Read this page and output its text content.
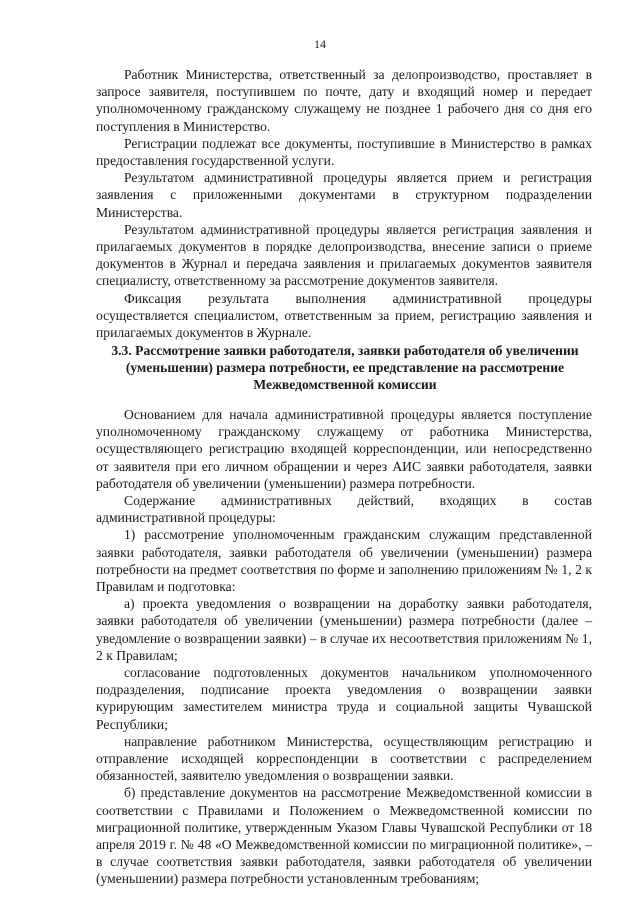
14

Работник Министерства, ответственный за делопроизводство, проставляет в запросе заявителя, поступившем по почте, дату и входящий номер и передает уполномоченному гражданскому служащему не позднее 1 рабочего дня со дня его поступления в Министерство.

Регистрации подлежат все документы, поступившие в Министерство в рамках предоставления государственной услуги.

Результатом административной процедуры является прием и регистрация заявления с приложенными документами в структурном подразделении Министерства.

Результатом административной процедуры является регистрация заявления и прилагаемых документов в порядке делопроизводства, внесение записи о приеме документов в Журнал и передача заявления и прилагаемых документов заявителя специалисту, ответственному за рассмотрение документов заявителя.

Фиксация результата выполнения административной процедуры осуществляется специалистом, ответственным за прием, регистрацию заявления и прилагаемых документов в Журнале.

3.3. Рассмотрение заявки работодателя, заявки работодателя об увеличении (уменьшении) размера потребности, ее представление на рассмотрение Межведомственной комиссии

Основанием для начала административной процедуры является поступление уполномоченному гражданскому служащему от работника Министерства, осуществляющего регистрацию входящей корреспонденции, или непосредственно от заявителя при его личном обращении и через АИС заявки работодателя, заявки работодателя об увеличении (уменьшении) размера потребности.

Содержание административных действий, входящих в состав административной процедуры:

1) рассмотрение уполномоченным гражданским служащим представленной заявки работодателя, заявки работодателя об увеличении (уменьшении) размера потребности на предмет соответствия по форме и заполнению приложениям № 1, 2 к Правилам и подготовка:

а) проекта уведомления о возвращении на доработку заявки работодателя, заявки работодателя об увеличении (уменьшении) размера потребности (далее – уведомление о возвращении заявки) – в случае их несоответствия приложениям № 1, 2 к Правилам;

согласование подготовленных документов начальником уполномоченного подразделения, подписание проекта уведомления о возвращении заявки курирующим заместителем министра труда и социальной защиты Чувашской Республики;

направление работником Министерства, осуществляющим регистрацию и отправление исходящей корреспонденции в соответствии с распределением обязанностей, заявителю уведомления о возвращении заявки.

б) представление документов на рассмотрение Межведомственной комиссии в соответствии с Правилами и Положением о Межведомственной комиссии по миграционной политике, утвержденным Указом Главы Чувашской Республики от 18 апреля 2019 г. № 48 «О Межведомственной комиссии по миграционной политике», – в случае соответствия заявки работодателя, заявки работодателя об увеличении (уменьшении) размера потребности установленным требованиям;
